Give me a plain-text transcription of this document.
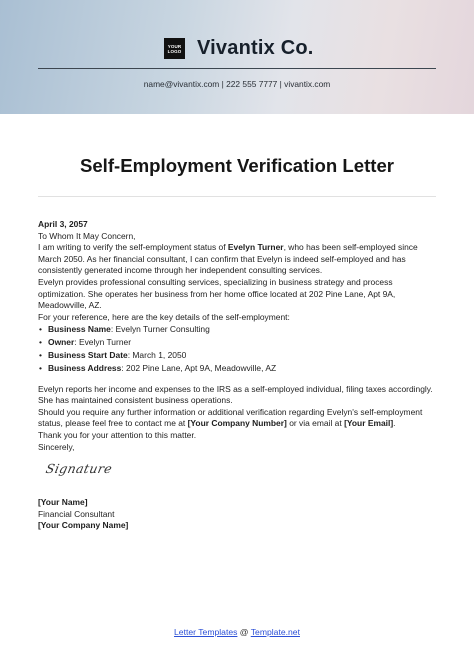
YOUR LOGO Vivantix Co.
name@vivantix.com | 222 555 7777 | vivantix.com
Self-Employment Verification Letter

April 3, 2057

To Whom It May Concern,

I am writing to verify the self-employment status of Evelyn Turner, who has been self-employed since March 2050. As her financial consultant, I can confirm that Evelyn is indeed self-employed and has consistently generated income through her independent consulting services.

Evelyn provides professional consulting services, specializing in business strategy and process optimization. She operates her business from her home office located at 202 Pine Lane, Apt 9A, Meadowville, AZ.

For your reference, here are the key details of the self-employment:

• Business Name: Evelyn Turner Consulting
• Owner: Evelyn Turner
• Business Start Date: March 1, 2050
• Business Address: 202 Pine Lane, Apt 9A, Meadowville, AZ

Evelyn reports her income and expenses to the IRS as a self-employed individual, filing taxes accordingly. She has maintained consistent business operations.

Should you require any further information or additional verification regarding Evelyn's self-employment status, please feel free to contact me at [Your Company Number] or via email at [Your Email].

Thank you for your attention to this matter.

Sincerely,

Signature

[Your Name]

Financial Consultant

[Your Company Name]

Letter Templates @ Template.net
